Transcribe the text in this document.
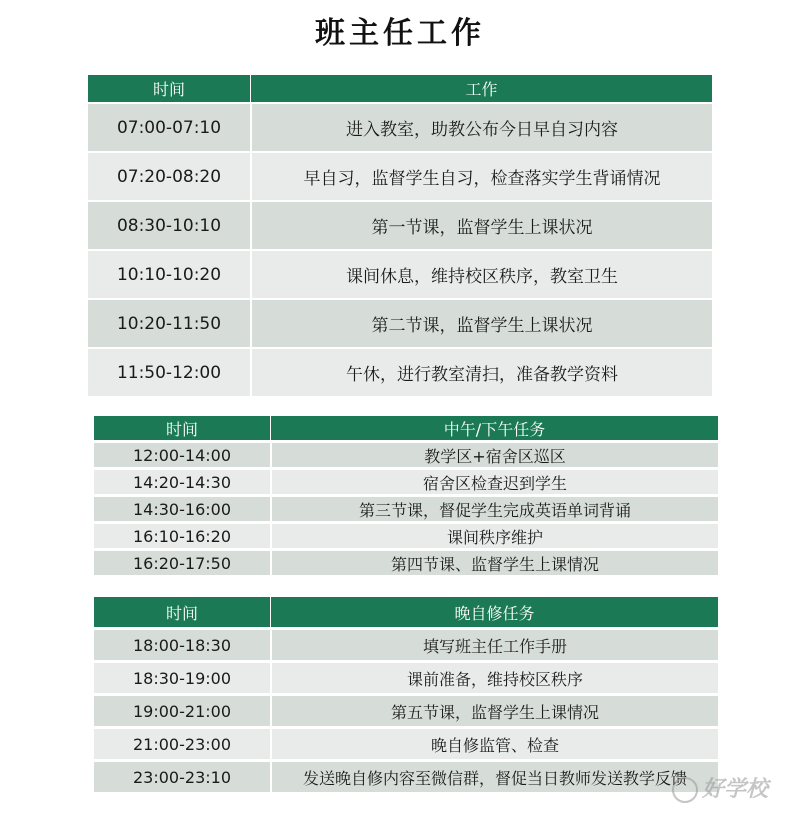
班主任工作
时间	工作
07:00-07:10	进入教室，助教公布今日早自习内容
07:20-08:20	早自习，监督学生自习，检查落实学生背诵情况
08:30-10:10	第一节课，监督学生上课状况
10:10-10:20	课间休息，维持校区秩序，教室卫生
10:20-11:50	第二节课，监督学生上课状况
11:50-12:00	午休，进行教室清扫，准备教学资料
时间	中午/下午任务
12:00-14:00	教学区+宿舍区巡区
14:20-14:30	宿舍区检查迟到学生
14:30-16:00	第三节课，督促学生完成英语单词背诵
16:10-16:20	课间秩序维护
16:20-17:50	第四节课、监督学生上课情况
时间	晚自修任务
18:00-18:30	填写班主任工作手册
18:30-19:00	课前准备，维持校区秩序
19:00-21:00	第五节课，监督学生上课情况
21:00-23:00	晚自修监管、检查
23:00-23:10	发送晚自修内容至微信群，督促当日教师发送教学反馈 好学校
